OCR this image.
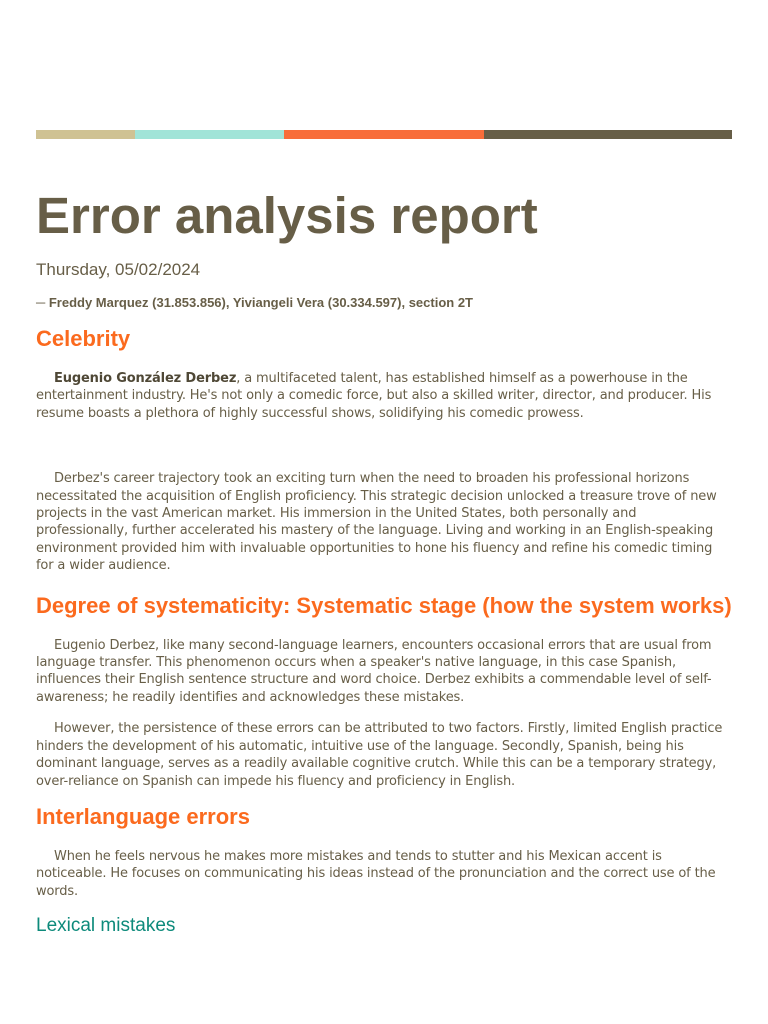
Error analysis report
Thursday, 05/02/2024
─ Freddy Marquez (31.853.856), Yiviangeli Vera (30.334.597), section 2T
Celebrity

Eugenio González Derbez, a multifaceted talent, has established himself as a powerhouse in the entertainment industry. He's not only a comedic force, but also a skilled writer, director, and producer. His resume boasts a plethora of highly successful shows, solidifying his comedic prowess.

Derbez's career trajectory took an exciting turn when the need to broaden his professional horizons necessitated the acquisition of English proficiency. This strategic decision unlocked a treasure trove of new projects in the vast American market. His immersion in the United States, both personally and professionally, further accelerated his mastery of the language. Living and working in an English-speaking environment provided him with invaluable opportunities to hone his fluency and refine his comedic timing for a wider audience.

Degree of systematicity: Systematic stage (how the system works)

Eugenio Derbez, like many second-language learners, encounters occasional errors that are usual from language transfer. This phenomenon occurs when a speaker's native language, in this case Spanish, influences their English sentence structure and word choice. Derbez exhibits a commendable level of self-awareness; he readily identifies and acknowledges these mistakes.

However, the persistence of these errors can be attributed to two factors. Firstly, limited English practice hinders the development of his automatic, intuitive use of the language. Secondly, Spanish, being his dominant language, serves as a readily available cognitive crutch. While this can be a temporary strategy, over-reliance on Spanish can impede his fluency and proficiency in English.

Interlanguage errors

When he feels nervous he makes more mistakes and tends to stutter and his Mexican accent is noticeable. He focuses on communicating his ideas instead of the pronunciation and the correct use of the words.

Lexical mistakes
